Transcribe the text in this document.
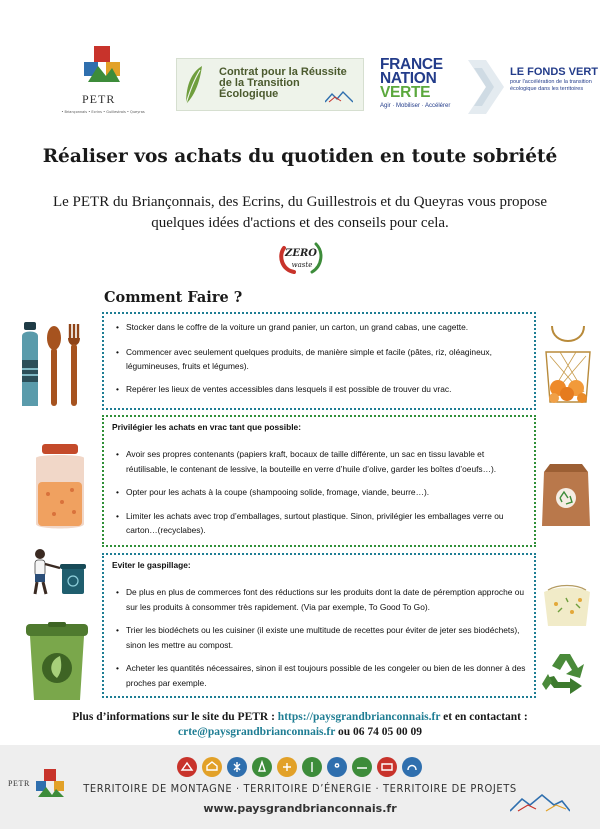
PETR
• Briançonnais • Ecrins • Guillestrois • Queyras
Contrat pour la Réussite
de la Transition
Écologique
FRANCE
NATION
VERTE
Agir · Mobiliser · Accélérer
LE FONDS VERT
pour l'accélération de la transition écologique dans les territoires
Réaliser vos achats du quotiden en toute sobriété

Le PETR du Briançonnais, des Ecrins, du Guillestrois et du Queyras vous propose quelques idées d'actions et des conseils pour cela.

ZERO
waste
Comment Faire ?
• Stocker dans le coffre de la voiture un grand panier, un carton, un grand cabas, une cagette.
• Commencer avec seulement quelques produits, de manière simple et facile (pâtes, riz, oléagineux, légumineuses, fruits et légumes).
• Repérer les lieux de ventes accessibles dans lesquels il est possible de trouver du vrac.
Privilégier les achats en vrac tant que possible:
• Avoir ses propres contenants (papiers kraft, bocaux de taille différente, un sac en tissu lavable et réutilisable, le contenant de lessive, la bouteille en verre d’huile d’olive, garder les boîtes d’oeufs…).
• Opter pour les achats à la coupe (shampooing solide, fromage, viande, beurre…).
• Limiter les achats avec trop d’emballages, surtout plastique. Sinon, privilégier les emballages verre ou carton…(recyclabes).
Eviter le gaspillage:
• De plus en plus de commerces font des réductions sur les produits dont la date de péremption approche ou sur les produits à consommer très rapidement. (Via par exemple, To Good To Go).
• Trier les biodéchets ou les cuisiner (il existe une multitude de recettes pour éviter de jeter ses biodéchets), sinon les mettre au compost.
• Acheter les quantités nécessaires, sinon il est toujours possible de les congeler ou bien de les donner à des proches par exemple.
Plus d’informations sur le site du PETR : https://paysgrandbrianconnais.fr et en contactant : crte@paysgrandbrianconnais.fr ou 06 74 05 00 09
PETR	TERRITOIRE DE MONTAGNE · TERRITOIRE D’ÉNERGIE · TERRITOIRE DE PROJETS
www.paysgrandbrianconnais.fr
